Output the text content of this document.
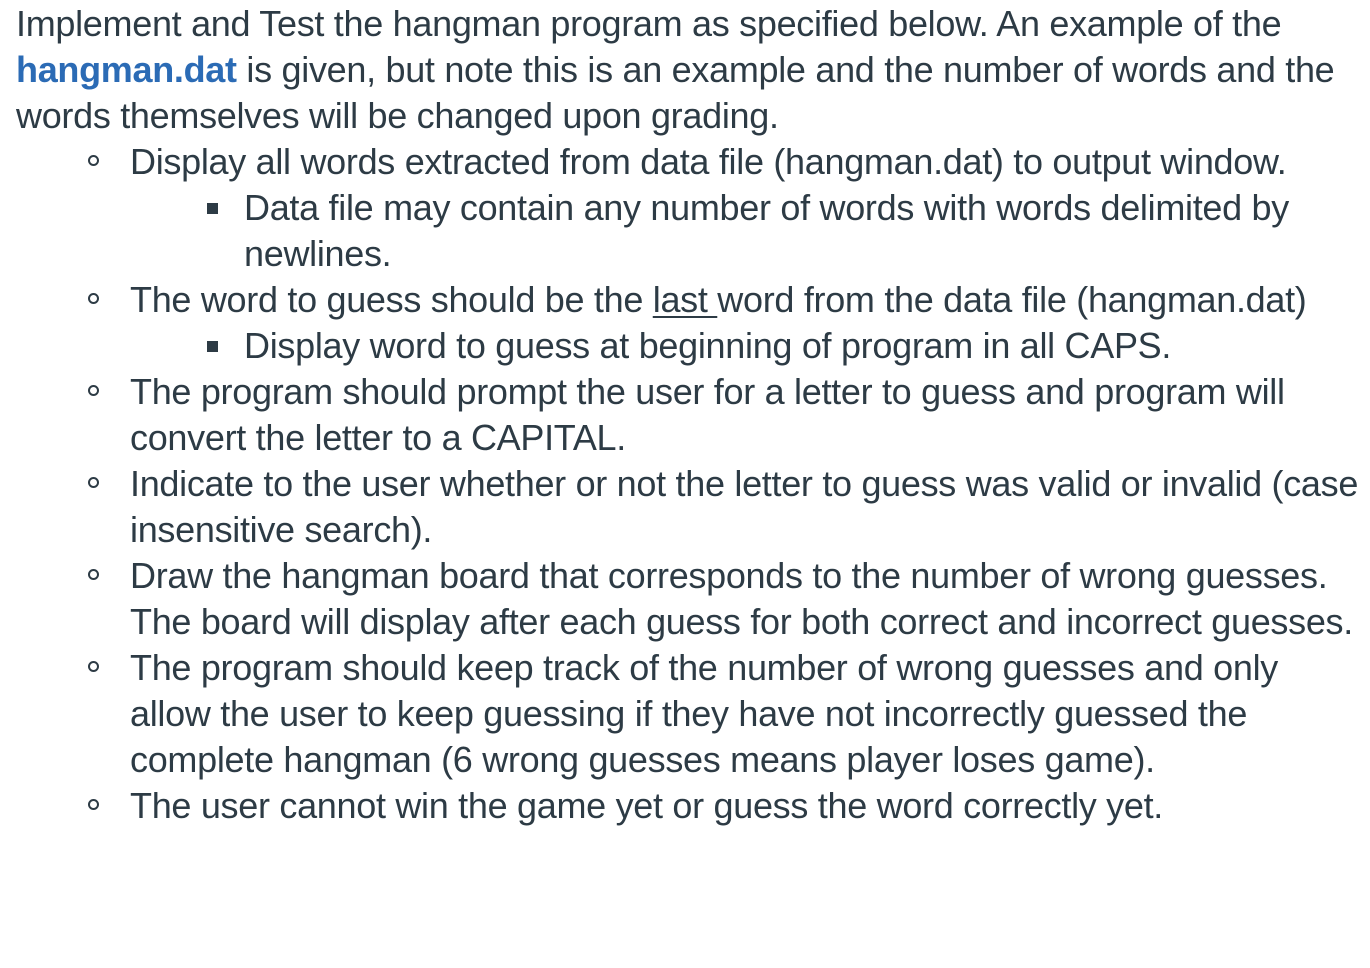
Implement and Test the hangman program as specified below. An example of the hangman.dat is given, but note this is an example and the number of words and the words themselves will be changed upon grading.

Display all words extracted from data file (hangman.dat) to output window.
Data file may contain any number of words with words delimited by newlines.
The word to guess should be the last word from the data file (hangman.dat)
Display word to guess at beginning of program in all CAPS.
The program should prompt the user for a letter to guess and program will convert the letter to a CAPITAL.
Indicate to the user whether or not the letter to guess was valid or invalid (case insensitive search).
Draw the hangman board that corresponds to the number of wrong guesses. The board will display after each guess for both correct and incorrect guesses.
The program should keep track of the number of wrong guesses and only allow the user to keep guessing if they have not incorrectly guessed the complete hangman (6 wrong guesses means player loses game).
The user cannot win the game yet or guess the word correctly yet.
